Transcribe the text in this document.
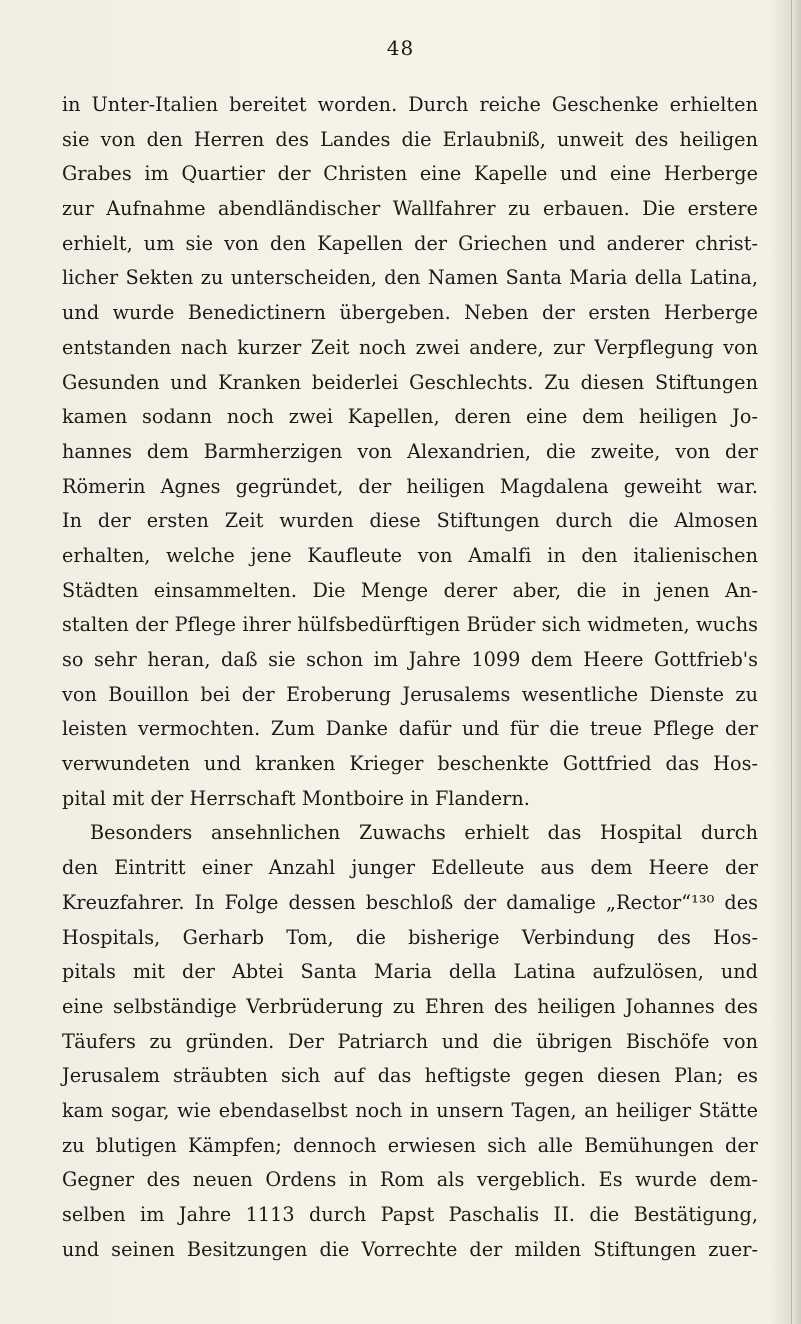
48
in Unter-Italien bereitet worden. Durch reiche Geschenke erhielten
sie von den Herren des Landes die Erlaubniß, unweit des heiligen
Grabes im Quartier der Christen eine Kapelle und eine Herberge
zur Aufnahme abendländischer Wallfahrer zu erbauen. Die erstere
erhielt, um sie von den Kapellen der Griechen und anderer christ-
licher Sekten zu unterscheiden, den Namen Santa Maria della Latina,
und wurde Benedictinern übergeben. Neben der ersten Herberge
entstanden nach kurzer Zeit noch zwei andere, zur Verpflegung von
Gesunden und Kranken beiderlei Geschlechts. Zu diesen Stiftungen
kamen sodann noch zwei Kapellen, deren eine dem heiligen Jo-
hannes dem Barmherzigen von Alexandrien, die zweite, von der
Römerin Agnes gegründet, der heiligen Magdalena geweiht war.
In der ersten Zeit wurden diese Stiftungen durch die Almosen
erhalten, welche jene Kaufleute von Amalfi in den italienischen
Städten einsammelten. Die Menge derer aber, die in jenen An-
stalten der Pflege ihrer hülfsbedürftigen Brüder sich widmeten, wuchs
so sehr heran, daß sie schon im Jahre 1099 dem Heere Gottfrieb's
von Bouillon bei der Eroberung Jerusalems wesentliche Dienste zu
leisten vermochten. Zum Danke dafür und für die treue Pflege der
verwundeten und kranken Krieger beschenkte Gottfried das Hos-
pital mit der Herrschaft Montboire in Flandern.
Besonders ansehnlichen Zuwachs erhielt das Hospital durch
den Eintritt einer Anzahl junger Edelleute aus dem Heere der
Kreuzfahrer. In Folge dessen beschloß der damalige „Rector“¹³⁰ des
Hospitals, Gerharb Tom, die bisherige Verbindung des Hos-
pitals mit der Abtei Santa Maria della Latina aufzulösen, und
eine selbständige Verbrüderung zu Ehren des heiligen Johannes des
Täufers zu gründen. Der Patriarch und die übrigen Bischöfe von
Jerusalem sträubten sich auf das heftigste gegen diesen Plan; es
kam sogar, wie ebendaselbst noch in unsern Tagen, an heiliger Stätte
zu blutigen Kämpfen; dennoch erwiesen sich alle Bemühungen der
Gegner des neuen Ordens in Rom als vergeblich. Es wurde dem-
selben im Jahre 1113 durch Papst Paschalis II. die Bestätigung,
und seinen Besitzungen die Vorrechte der milden Stiftungen zuer-
